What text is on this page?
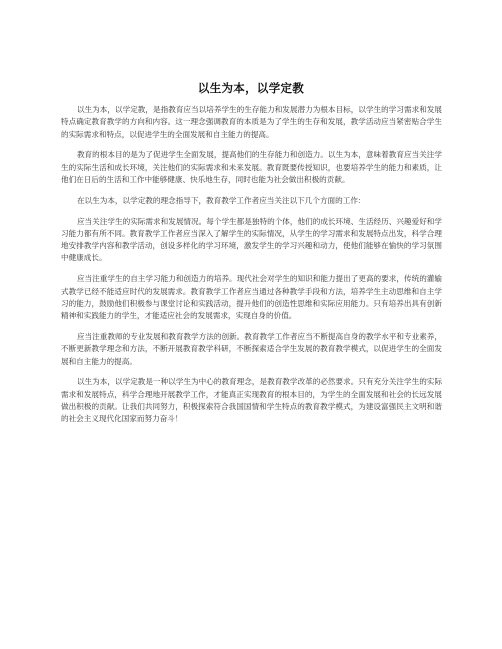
以生为本，以学定教

以生为本，以学定教，是指教育应当以培养学生的生存能力和发展潜力为根本目标，以学生的学习需求和发展特点确定教育教学的方向和内容。这一理念强调教育的本质是为了学生的生存和发展，教学活动应当紧密贴合学生的实际需求和特点，以促进学生的全面发展和自主能力的提高。

教育的根本目的是为了促进学生全面发展，提高他们的生存能力和创造力。以生为本，意味着教育应当关注学生的实际生活和成长环境，关注他们的实际需求和未来发展。教育既要传授知识，也要培养学生的能力和素质，让他们在日后的生活和工作中能够健康、快乐地生存，同时也能为社会做出积极的贡献。

在以生为本，以学定教的理念指导下，教育教学工作者应当关注以下几个方面的工作：

应当关注学生的实际需求和发展情况。每个学生都是独特的个体，他们的成长环境、生活经历、兴趣爱好和学习能力都有所不同。教育教学工作者应当深入了解学生的实际情况，从学生的学习需求和发展特点出发，科学合理地安排教学内容和教学活动，创设多样化的学习环境，激发学生的学习兴趣和动力，使他们能够在愉快的学习氛围中健康成长。

应当注重学生的自主学习能力和创造力的培养。现代社会对学生的知识和能力提出了更高的要求，传统的灌输式教学已经不能适应时代的发展需求。教育教学工作者应当通过各种教学手段和方法，培养学生主动思维和自主学习的能力，鼓励他们积极参与课堂讨论和实践活动，提升他们的创造性思维和实际应用能力。只有培养出具有创新精神和实践能力的学生，才能适应社会的发展需求，实现自身的价值。

应当注重教师的专业发展和教育教学方法的创新。教育教学工作者应当不断提高自身的教学水平和专业素养，不断更新教学理念和方法，不断开展教育教学科研，不断探索适合学生发展的教育教学模式，以促进学生的全面发展和自主能力的提高。

以生为本，以学定教是一种以学生为中心的教育理念，是教育教学改革的必然要求。只有充分关注学生的实际需求和发展特点，科学合理地开展教学工作，才能真正实现教育的根本目的，为学生的全面发展和社会的长远发展做出积极的贡献。让我们共同努力，积极探索符合我国国情和学生特点的教育教学模式，为建设富强民主文明和谐的社会主义现代化国家而努力奋斗！
